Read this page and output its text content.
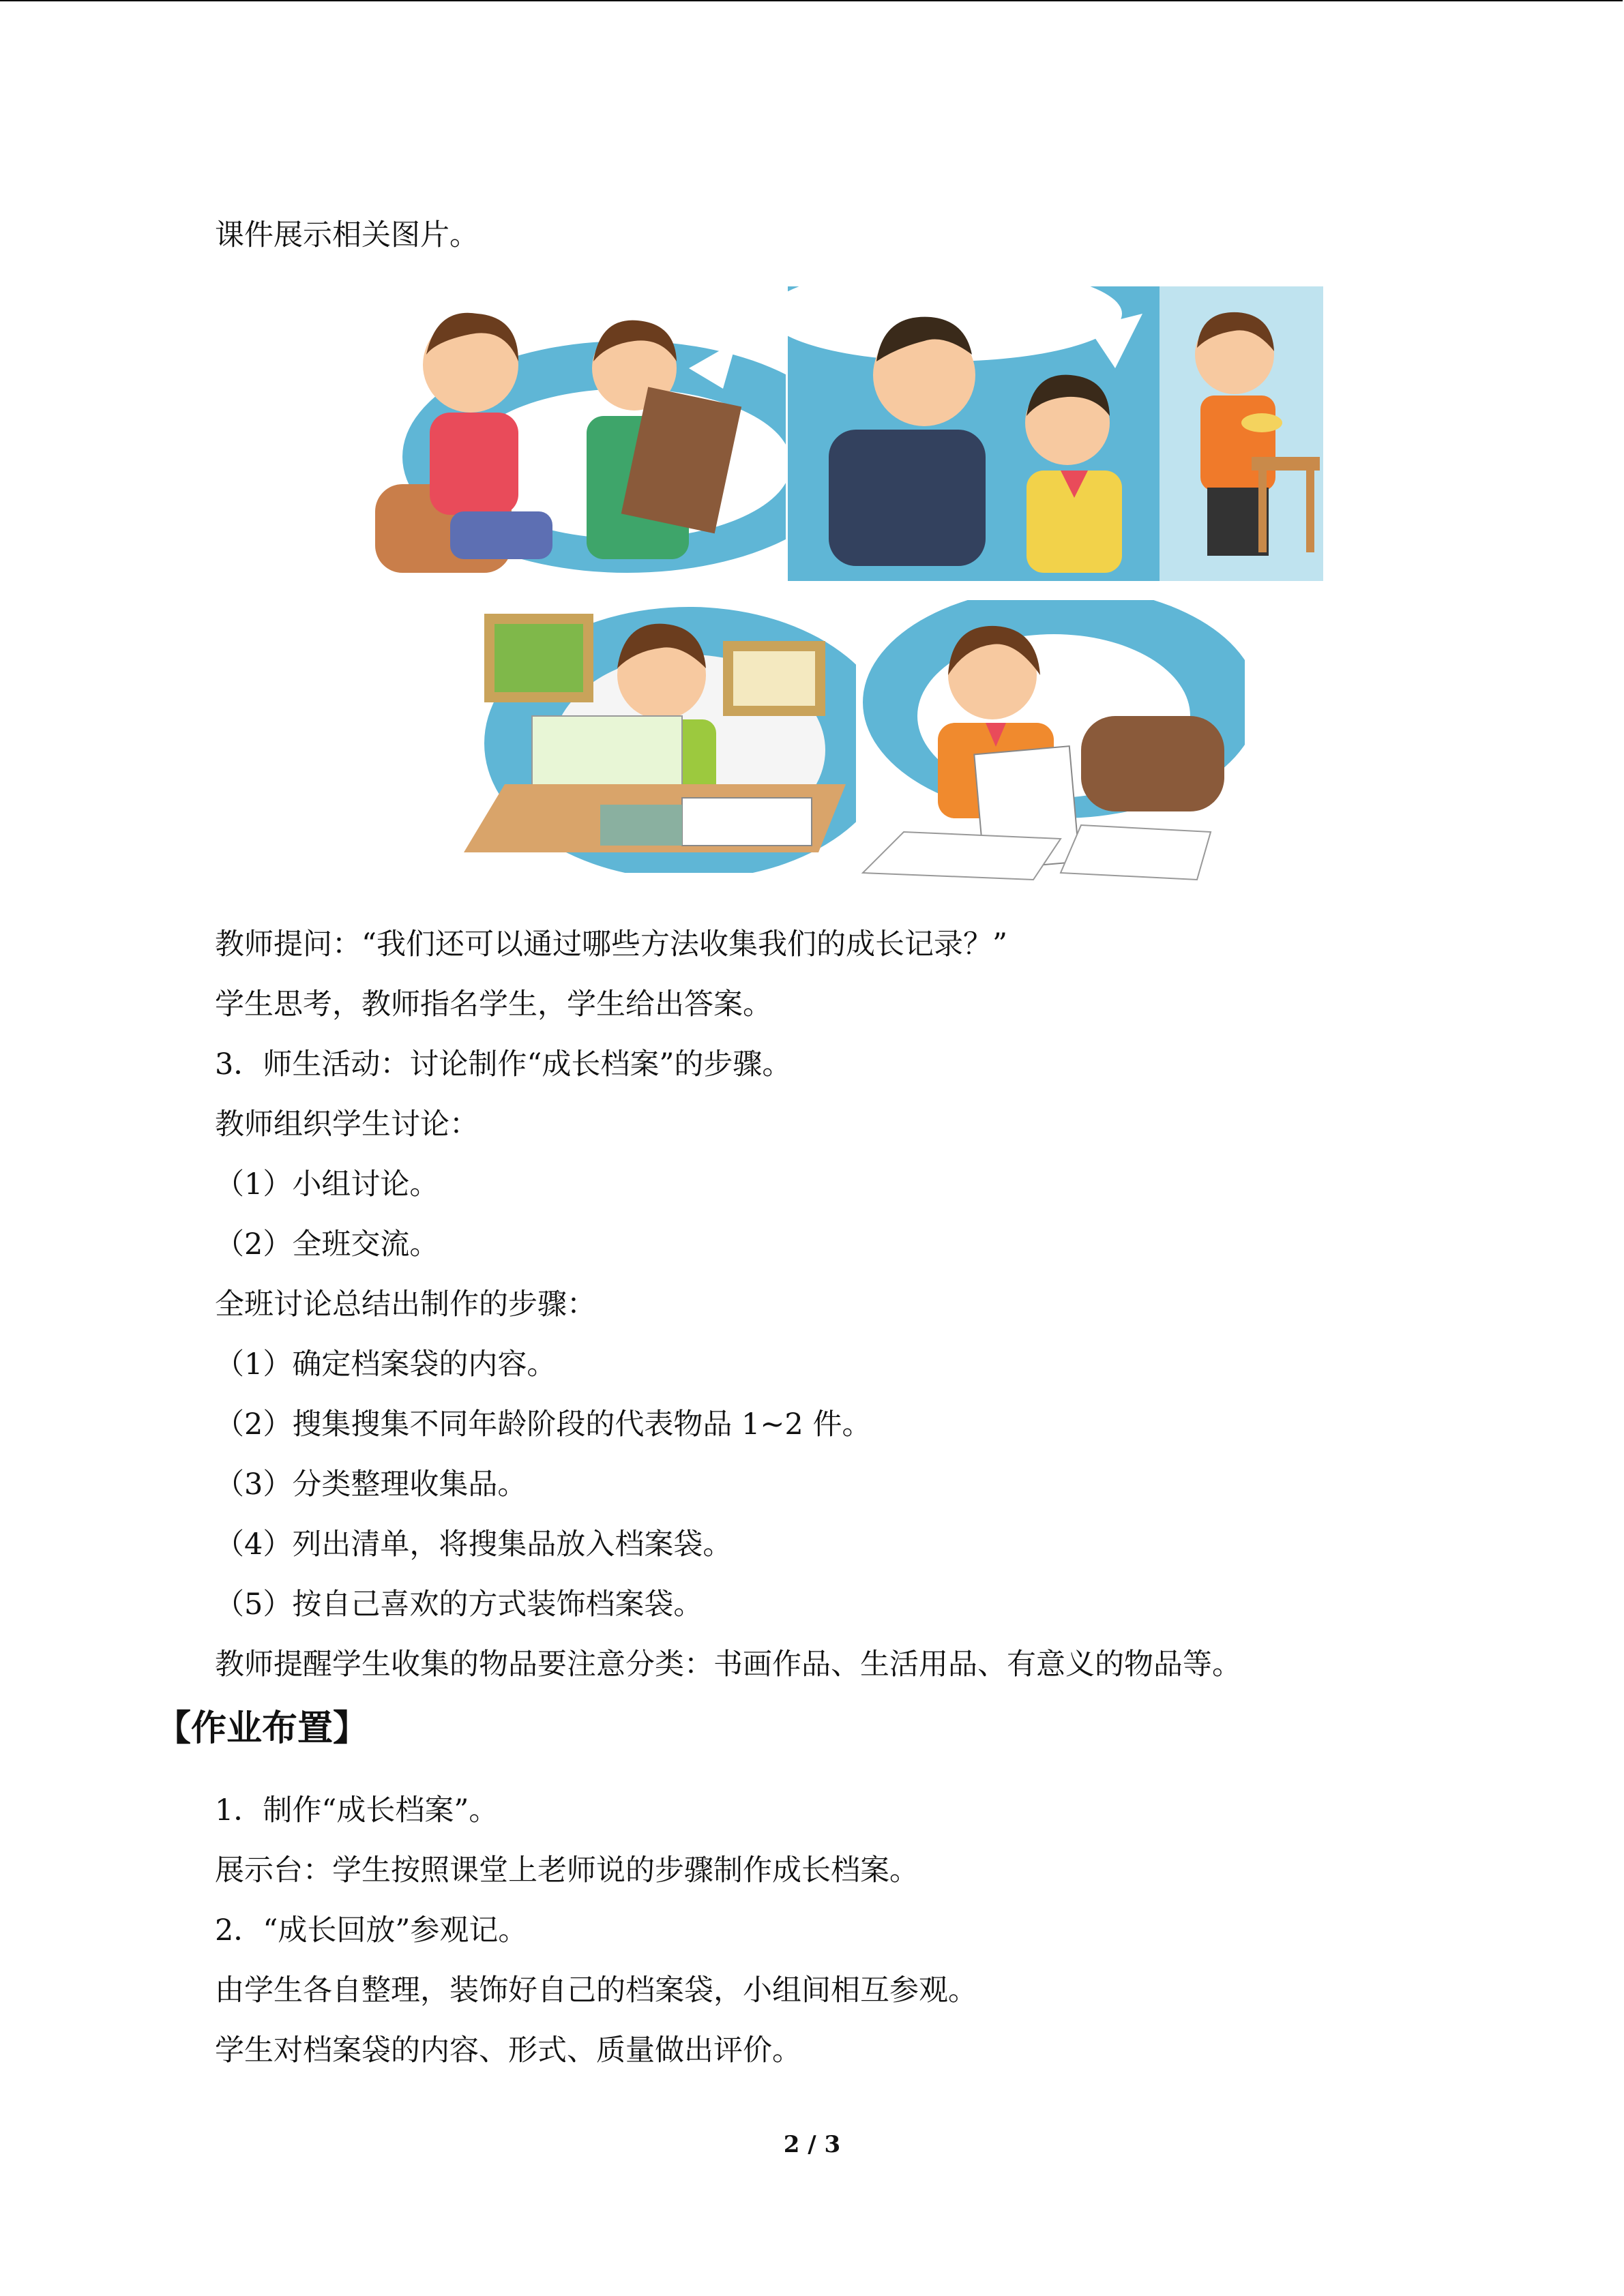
课件展示相关图片。
教师提问：“我们还可以通过哪些方法收集我们的成长记录？”
学生思考，教师指名学生，学生给出答案。
3．师生活动：讨论制作“成长档案”的步骤。
教师组织学生讨论：
（1）小组讨论。
（2）全班交流。
全班讨论总结出制作的步骤：
（1）确定档案袋的内容。
（2）搜集搜集不同年龄阶段的代表物品 1~2 件。
（3）分类整理收集品。
（4）列出清单，将搜集品放入档案袋。
（5）按自己喜欢的方式装饰档案袋。
教师提醒学生收集的物品要注意分类：书画作品、生活用品、有意义的物品等。
【作业布置】
1．制作“成长档案”。
展示台：学生按照课堂上老师说的步骤制作成长档案。
2．“成长回放”参观记。
由学生各自整理，装饰好自己的档案袋，小组间相互参观。
学生对档案袋的内容、形式、质量做出评价。
2 / 3
